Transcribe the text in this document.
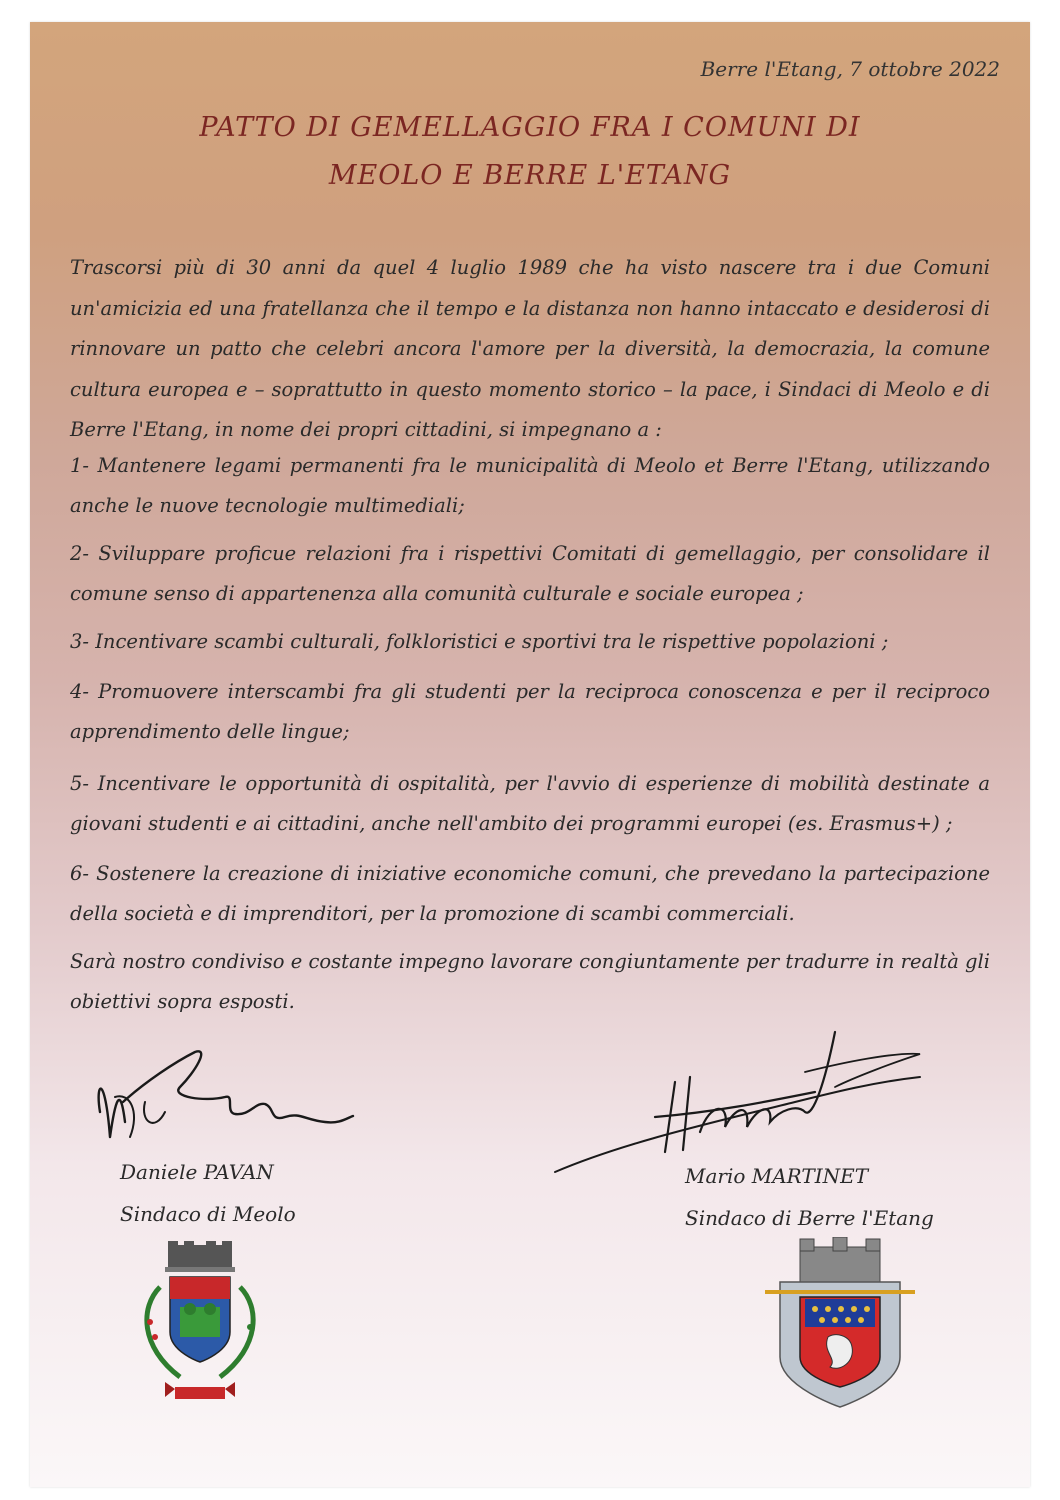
Berre l'Etang, 7 ottobre 2022
PATTO DI GEMELLAGGIO FRA I COMUNI DI
MEOLO E BERRE L'ETANG
Trascorsi più di 30 anni da quel 4 luglio 1989 che ha visto nascere tra i due Comuni un'amicizia ed una fratellanza che il tempo e la distanza non hanno intaccato e desiderosi di rinnovare un patto che celebri ancora l'amore per la diversità, la democrazia, la comune cultura europea e – soprattutto in questo momento storico – la pace, i Sindaci di Meolo e di Berre l'Etang, in nome dei propri cittadini, si impegnano a :
1- Mantenere legami permanenti fra le municipalità di Meolo et Berre l'Etang, utilizzando anche le nuove tecnologie multimediali;
2- Sviluppare proficue relazioni fra i rispettivi Comitati di gemellaggio, per consolidare il comune senso di appartenenza alla comunità culturale e sociale europea ;
3- Incentivare scambi culturali, folkloristici e sportivi tra le rispettive popolazioni ;
4- Promuovere interscambi fra gli studenti per la reciproca conoscenza e per il reciproco apprendimento delle lingue;
5- Incentivare le opportunità di ospitalità, per l'avvio di esperienze di mobilità destinate a giovani studenti e ai cittadini, anche nell'ambito dei programmi europei (es. Erasmus+) ;
6- Sostenere la creazione di iniziative economiche comuni, che prevedano la partecipazione della società e di imprenditori, per la promozione di scambi commerciali.
Sarà nostro condiviso e costante impegno lavorare congiuntamente per tradurre in realtà gli obiettivi sopra esposti.
Daniele PAVAN
Sindaco di Meolo
Mario MARTINET
Sindaco di Berre l'Etang
